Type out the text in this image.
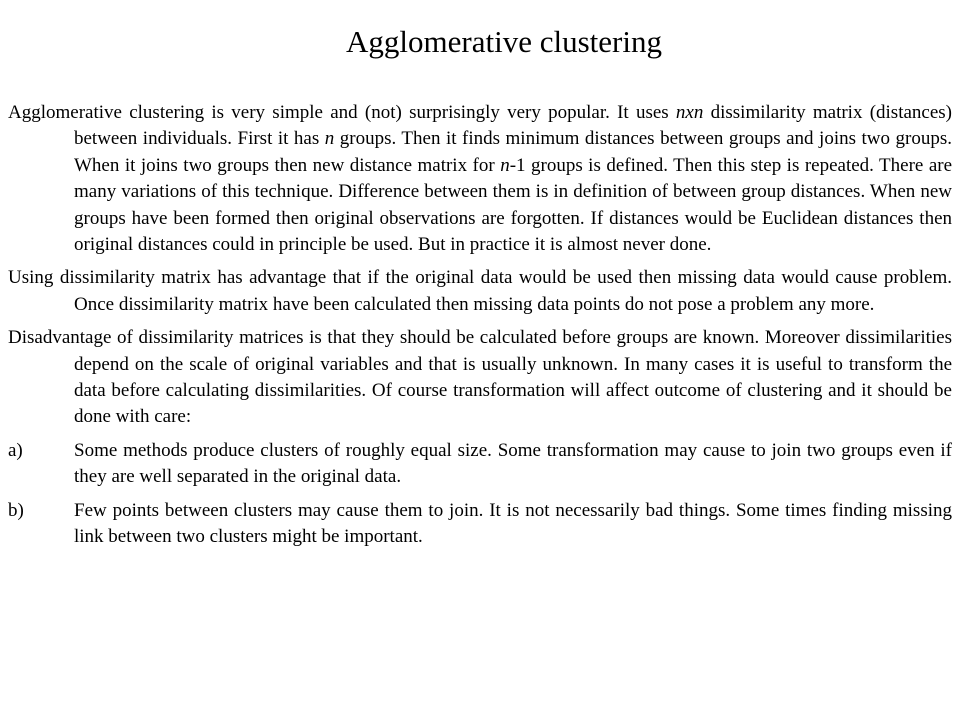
Agglomerative clustering

Agglomerative clustering is very simple and (not) surprisingly very popular. It uses nxn dissimilarity matrix (distances) between individuals. First it has n groups. Then it finds minimum distances between groups and joins two groups. When it joins two groups then new distance matrix for n-1 groups is defined. Then this step is repeated. There are many variations of this technique. Difference between them is in definition of between group distances. When new groups have been formed then original observations are forgotten. If distances would be Euclidean distances then original distances could in principle be used. But in practice it is almost never done.

Using dissimilarity matrix has advantage that if the original data would be used then missing data would cause problem. Once dissimilarity matrix have been calculated then missing data points do not pose a problem any more.

Disadvantage of dissimilarity matrices is that they should be calculated before groups are known. Moreover dissimilarities depend on the scale of original variables and that is usually unknown. In many cases it is useful to transform the data before calculating dissimilarities. Of course transformation will affect outcome of clustering and it should be done with care:

a)	Some methods produce clusters of roughly equal size. Some transformation may cause to join two groups even if they are well separated in the original data.
b)	Few points between clusters may cause them to join. It is not necessarily bad things. Some times finding missing link between two clusters might be important.
